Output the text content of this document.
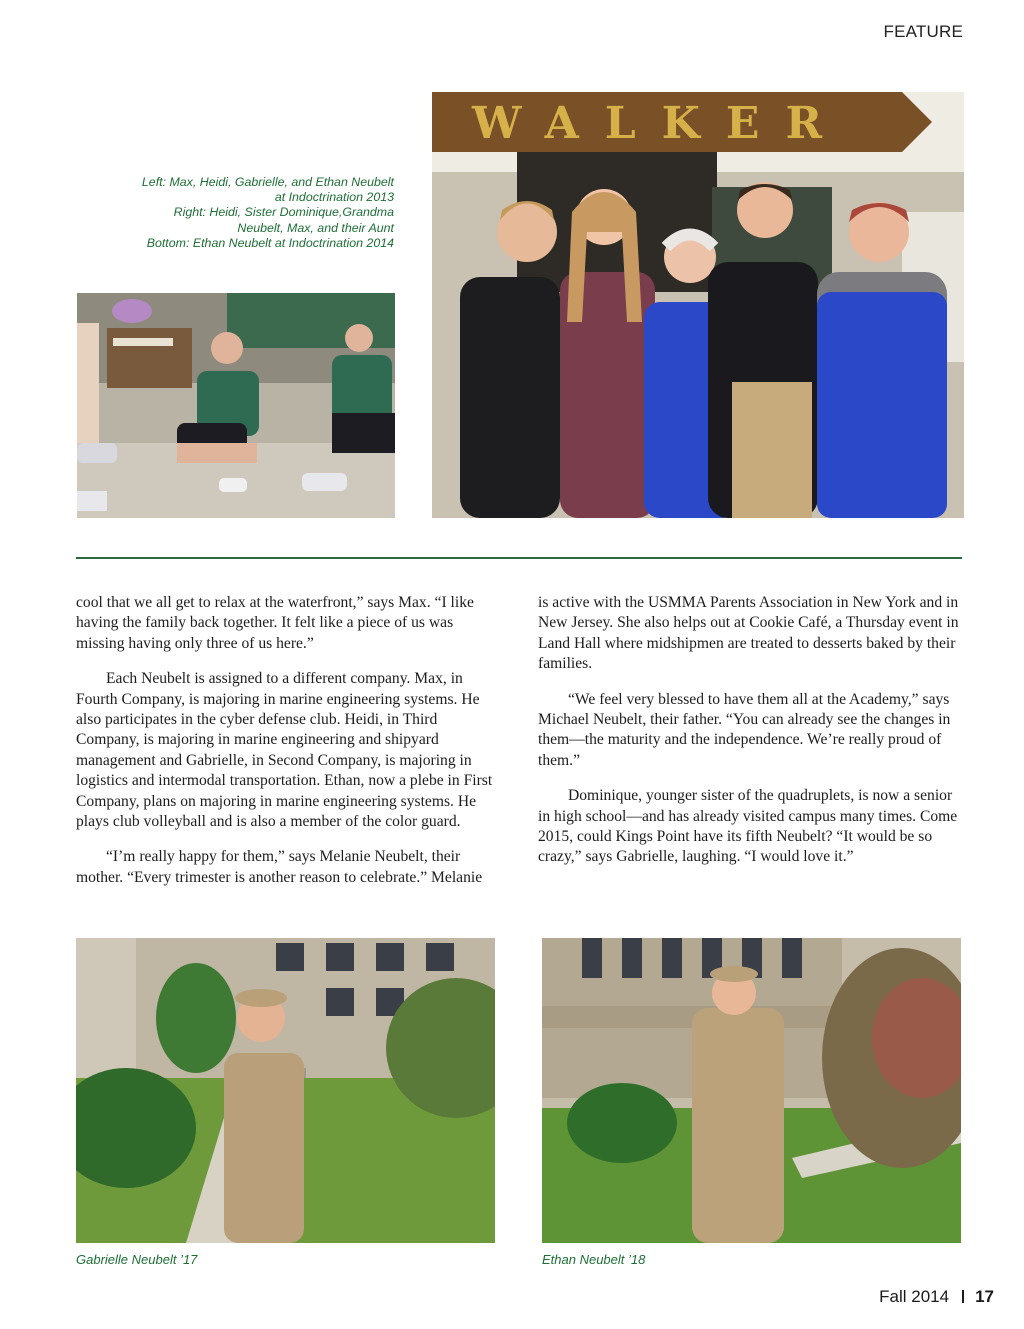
FEATURE
Left: Max, Heidi, Gabrielle, and Ethan Neubelt
at Indoctrination 2013
Right: Heidi, Sister Dominique,Grandma
Neubelt, Max, and their Aunt
Bottom: Ethan Neubelt at Indoctrination 2014
WALKER

cool that we all get to relax at the waterfront,” says Max. “I like having the family back together. It felt like a piece of us was missing having only three of us here.”

Each Neubelt is assigned to a different company. Max, in Fourth Company, is majoring in marine engineering systems. He also participates in the cyber defense club. Heidi, in Third Company, is majoring in marine engineering and shipyard management and Gabrielle, in Second Company, is majoring in logistics and intermodal transportation. Ethan, now a plebe in First Company, plans on majoring in marine engineering systems. He plays club volleyball and is also a member of the color guard.

“I’m really happy for them,” says Melanie Neubelt, their mother. “Every trimester is another reason to celebrate.” Melanie

is active with the USMMA Parents Association in New York and in New Jersey. She also helps out at Cookie Café, a Thursday event in Land Hall where midshipmen are treated to desserts baked by their families.

“We feel very blessed to have them all at the Academy,” says Michael Neubelt, their father. “You can already see the changes in them—the maturity and the independence. We’re really proud of them.”

Dominique, younger sister of the quadruplets, is now a senior in high school—and has already visited campus many times. Come 2015, could Kings Point have its fifth Neubelt? “It would be so crazy,” says Gabrielle, laughing. “I would love it.”

Gabrielle Neubelt ’17	Ethan Neubelt ’18
Fall 2014 17
